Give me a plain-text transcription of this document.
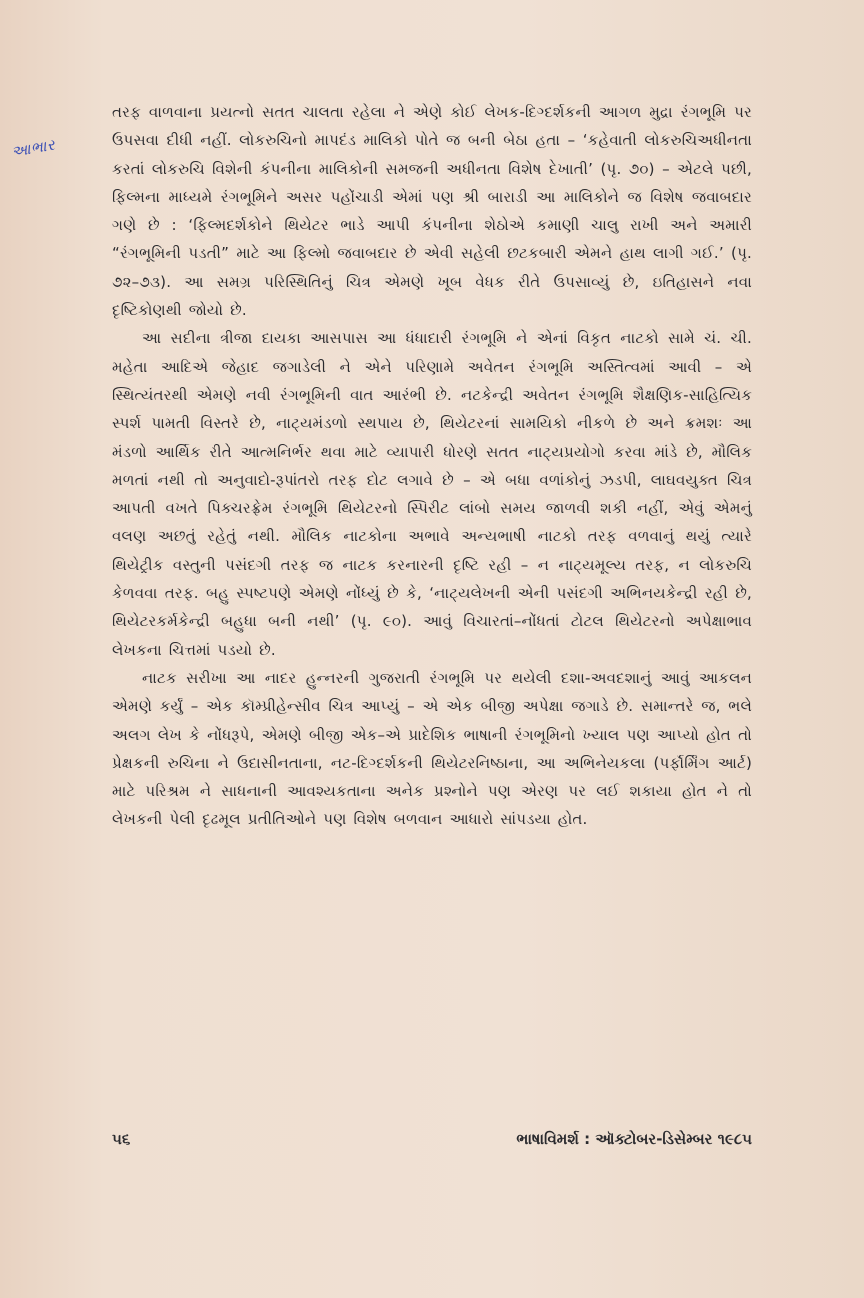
આભાર

તરફ વાળવાના પ્રયત્નો સતત ચાલતા રહેલા ને એણે કોઈ લેખક-દિગ્દર્શકની આગળ મુદ્રા રંગભૂમિ પર ઉપસવા દીધી નહીં. લોકરુચિનો માપદંડ માલિકો પોતે જ બની બેઠા હતા – ‘કહેવાતી લોકરુચિઅધીનતા કરતાં લોકરુચિ વિશેની કંપનીના માલિકોની સમજની અધીનતા વિશેષ દેખાતી’ (પૃ. ૭૦) – એટલે પછી, ફિલ્મના માધ્યમે રંગભૂમિને અસર પહોંચાડી એમાં પણ શ્રી બારાડી આ માલિકોને જ વિશેષ જવાબદાર ગણે છે : ‘ફિલ્મદર્શકોને થિયેટર ભાડે આપી કંપનીના શેઠોએ કમાણી ચાલુ રાખી અને અમારી “રંગભૂમિની પડતી” માટે આ ફિલ્મો જવાબદાર છે એવી સહેલી છટકબારી એમને હાથ લાગી ગઈ.’ (પૃ. ૭૨–૭૩). આ સમગ્ર પરિસ્થિતિનું ચિત્ર એમણે ખૂબ વેધક રીતે ઉપસાવ્યું છે, ઇતિહાસને નવા દૃષ્ટિકોણથી જોયો છે.

આ સદીના ત્રીજા દાયકા આસપાસ આ ધંધાદારી રંગભૂમિ ને એનાં વિકૃત નાટકો સામે ચં. ચી. મહેતા આદિએ જેહાદ જગાડેલી ને એને પરિણામે અવેતન રંગભૂમિ અસ્તિત્વમાં આવી – એ સ્થિત્યંતરથી એમણે નવી રંગભૂમિની વાત આરંભી છે. નટકેન્દ્રી અવેતન રંગભૂમિ શૈક્ષણિક-સાહિત્યિક સ્પર્શ પામતી વિસ્તરે છે, નાટ્યમંડળો સ્થપાય છે, થિયેટરનાં સામયિકો નીકળે છે અને ક્રમશઃ આ મંડળો આર્થિક રીતે આત્મનિર્ભર થવા માટે વ્યાપારી ધોરણે સતત નાટ્યપ્રયોગો કરવા માંડે છે, મૌલિક મળતાં નથી તો અનુવાદો-રૂપાંતરો તરફ દોટ લગાવે છે – એ બધા વળાંકોનું ઝડપી, લાઘવયુક્ત ચિત્ર આપતી વખતે પિક્ચરફ્રેમ રંગભૂમિ થિયેટરનો સ્પિરીટ લાંબો સમય જાળવી શકી નહીં, એવું એમનું વલણ અછતું રહેતું નથી. મૌલિક નાટકોના અભાવે અન્યભાષી નાટકો તરફ વળવાનું થયું ત્યારે થિયેટ્રીક વસ્તુની પસંદગી તરફ જ નાટક કરનારની દૃષ્ટિ રહી – ન નાટ્યમૂલ્ય તરફ, ન લોકરુચિ કેળવવા તરફ. બહુ સ્પષ્ટપણે એમણે નોંધ્યું છે કે, ‘નાટ્યલેખની એની પસંદગી અભિનયકેન્દ્રી રહી છે, થિયેટરકર્મકેન્દ્રી બહુધા બની નથી’ (પૃ. ૯૦). આવું વિચારતાં–નોંધતાં ટોટલ થિયેટરનો અપેક્ષાભાવ લેખકના ચિત્તમાં પડયો છે.

નાટક સરીખા આ નાદર હુન્નરની ગુજરાતી રંગભૂમિ પર થયેલી દશા-અવદશાનું આવું આકલન એમણે કર્યું – એક કૉમ્પ્રીહેન્સીવ ચિત્ર આપ્યું – એ એક બીજી અપેક્ષા જગાડે છે. સમાન્તરે જ, ભલે અલગ લેખ કે નોંધરૂપે, એમણે બીજી એક–એ પ્રાદેશિક ભાષાની રંગભૂમિનો ખ્યાલ પણ આપ્યો હોત તો પ્રેક્ષકની રુચિના ને ઉદાસીનતાના, નટ-દિગ્દર્શકની થિયેટરનિષ્ઠાના, આ અભિનેયકલા (પર્ફૉર્મિંગ આર્ટ) માટે પરિશ્રમ ને સાધનાની આવશ્યકતાના અનેક પ્રશ્નોને પણ એરણ પર લઈ શકાયા હોત ને તો લેખકની પેલી દૃઢમૂલ પ્રતીતિઓને પણ વિશેષ બળવાન આધારો સાંપડયા હોત.

૫૬	ભાષાવિમર્શ : ઑક્ટોબર-ડિસેમ્બર ૧૯૮૫
